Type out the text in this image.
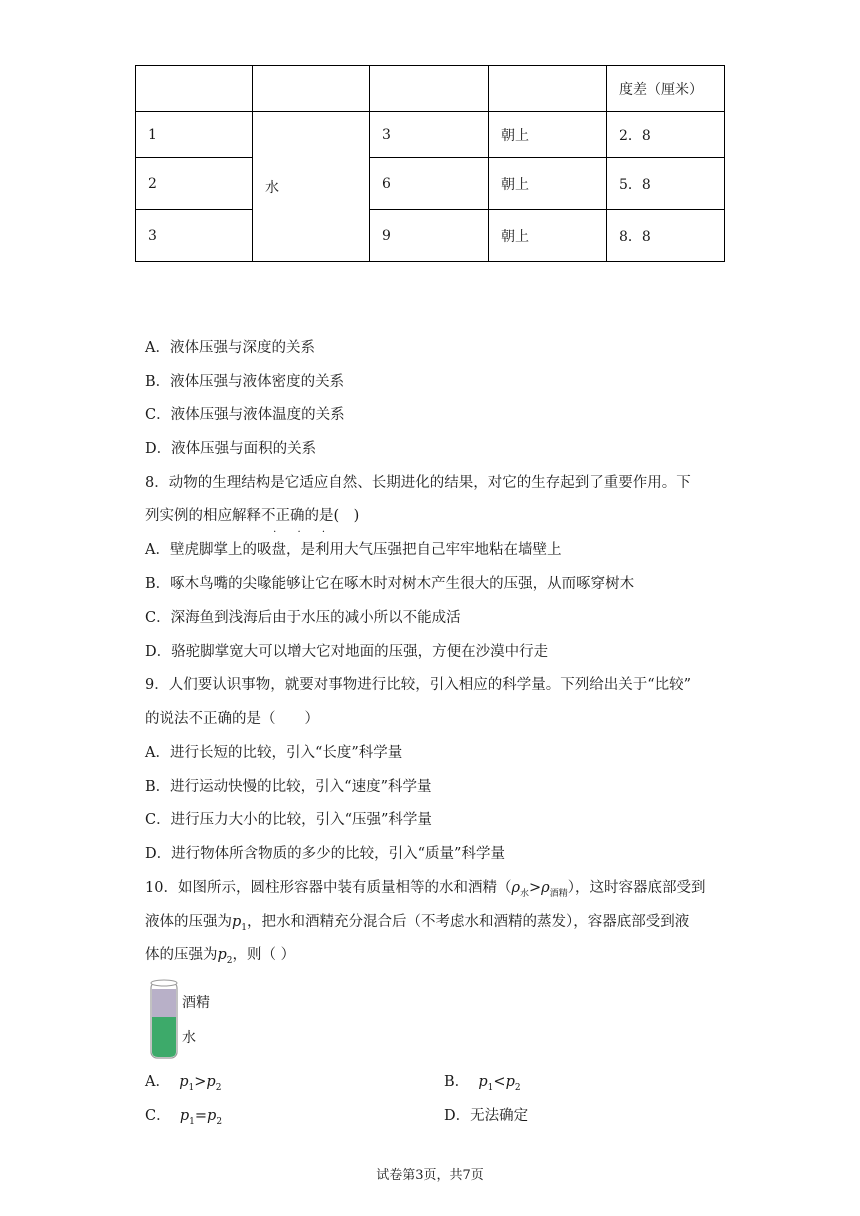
				度差（厘米）
1	水	3	朝上	2．8
2		6	朝上	5．8
3		9	朝上	8．8
A．液体压强与深度的关系
B．液体压强与液体密度的关系
C．液体压强与液体温度的关系
D．液体压强与面积的关系
8．动物的生理结构是它适应自然、长期进化的结果，对它的生存起到了重要作用。下
列实例的相应解释不正确
· · ·
的是(　)
A．壁虎脚掌上的吸盘，是利用大气压强把自己牢牢地粘在墙壁上
B．啄木鸟嘴的尖喙能够让它在啄木时对树木产生很大的压强，从而啄穿树木
C．深海鱼到浅海后由于水压的减小所以不能成活
D．骆驼脚掌宽大可以增大它对地面的压强，方便在沙漠中行走
9．人们要认识事物，就要对事物进行比较，引入相应的科学量。下列给出关于“比较”
的说法不正确的是（　　）
A．进行长短的比较，引入“长度”科学量
B．进行运动快慢的比较，引入“速度”科学量
C．进行压力大小的比较，引入“压强”科学量
D．进行物体所含物质的多少的比较，引入“质量”科学量
10．如图所示，圆柱形容器中装有质量相等的水和酒精$(\rho_水>\rho_{酒精})$，这时容器底部受到
液体的压强为$p_1$，把水和酒精充分混合后（不考虑水和酒精的蒸发），容器底部受到液
体的压强为$p_2$，则（ ）
酒精
水
A． $p_1>p_2$	B． $p_1<p_2$
C． $p_1=p_2$	D．无法确定
试卷第3页，共7页
